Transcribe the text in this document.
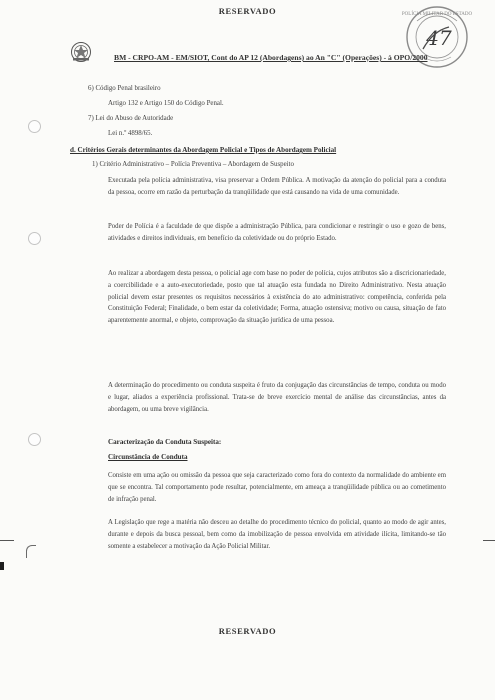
RESERVADO	POLÍCIA MILITAR DO ESTADO
47
BM - CRPO-AM - EM/SIOT, Cont do AP 12 (Abordagens) ao An "C" (Operações) - à OPO/2000
6) Código Penal brasileiro
Artigo 132 e Artigo 150 do Código Penal.
7) Lei do Abuso de Autoridade
Lei n.º 4898/65.
d. Critérios Gerais determinantes da Abordagem Policial e Tipos de Abordagem Policial
1) Critério Administrativo – Polícia Preventiva – Abordagem de Suspeito
Executada pela polícia administrativa, visa preservar a Ordem Pública. A motivação da atenção do policial para a conduta da pessoa, ocorre em razão da perturbação da tranqüilidade que está causando na vida de uma comunidade.
Poder de Polícia é a faculdade de que dispõe a administração Pública, para condicionar e restringir o uso e gozo de bens, atividades e direitos individuais, em benefício da coletividade ou do próprio Estado.
Ao realizar a abordagem desta pessoa, o policial age com base no poder de polícia, cujos atributos são a discricionariedade, a coercibilidade e a auto-executoriedade, posto que tal atuação esta fundada no Direito Administrativo. Nesta atuação policial devem estar presentes os requisitos necessários à existência do ato administrativo: competência, conferida pela Constituição Federal; Finalidade, o bem estar da coletividade; Forma, atuação ostensiva; motivo ou causa, situação de fato aparentemente anormal, e objeto, comprovação da situação jurídica de uma pessoa.
A determinação do procedimento ou conduta suspeita é fruto da conjugação das circunstâncias de tempo, conduta ou modo e lugar, aliados a experiência profissional. Trata-se de breve exercício mental de análise das circunstâncias, antes da abordagem, ou uma breve vigilância.
Caracterização da Conduta Suspeita:
Circunstância de Conduta
Consiste em uma ação ou omissão da pessoa que seja caracterizado como fora do contexto da normalidade do ambiente em que se encontra. Tal comportamento pode resultar, potencialmente, em ameaça a tranqüilidade pública ou ao cometimento de infração penal.
A Legislação que rege a matéria não desceu ao detalhe do procedimento técnico do policial, quanto ao modo de agir antes, durante e depois da busca pessoal, bem como da imobilização de pessoa envolvida em atividade ilícita, limitando-se tão somente a estabelecer a motivação da Ação Policial Militar.
RESERVADO
